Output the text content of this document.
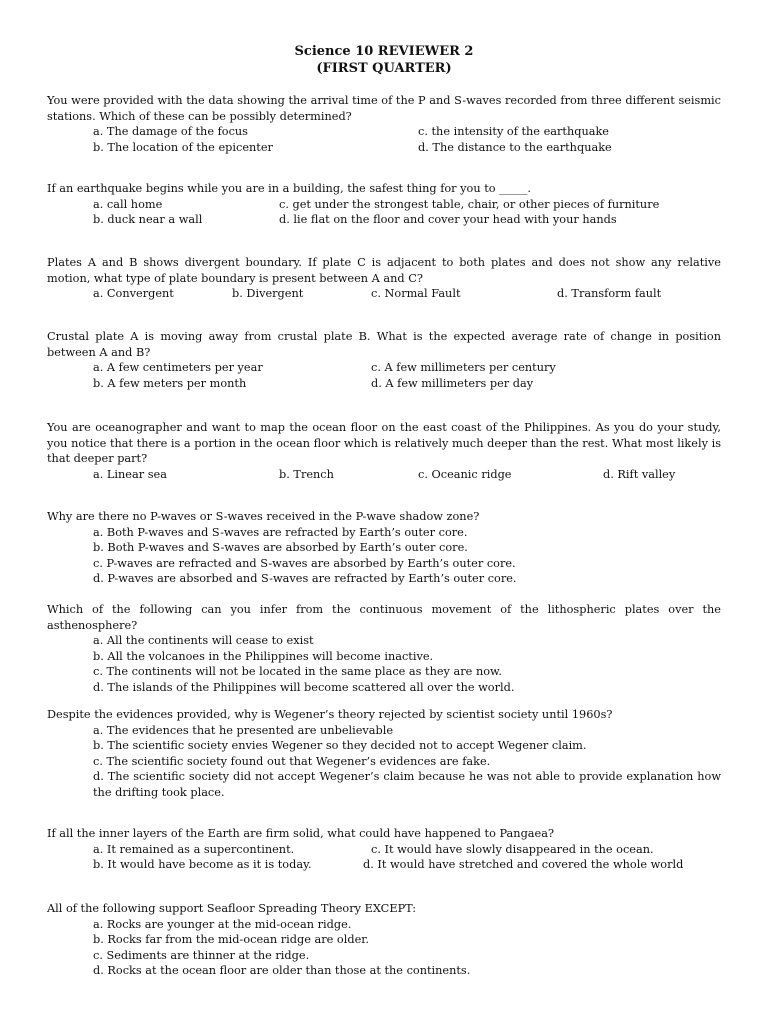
Science 10 REVIEWER 2
(FIRST QUARTER)
You were provided with the data showing the arrival time of the P and S-waves recorded from three different seismic stations. Which of these can be possibly determined?
a. The damage of the focus	c. the intensity of the earthquake
b. The location of the epicenter	d. The distance to the earthquake
If an earthquake begins while you are in a building, the safest thing for you to _____.
a. call home	c. get under the strongest table, chair, or other pieces of furniture
b. duck near a wall	d. lie flat on the floor and cover your head with your hands
Plates A and B shows divergent boundary. If plate C is adjacent to both plates and does not show any relative motion, what type of plate boundary is present between A and C?
a. Convergent	b. Divergent	c. Normal Fault	d. Transform fault
Crustal plate A is moving away from crustal plate B. What is the expected average rate of change in position between A and B?
a. A few centimeters per year	c. A few millimeters per century
b. A few meters per month	d. A few millimeters per day
You are oceanographer and want to map the ocean floor on the east coast of the Philippines. As you do your study, you notice that there is a portion in the ocean floor which is relatively much deeper than the rest. What most likely is that deeper part?
a. Linear sea	b. Trench	c. Oceanic ridge	d. Rift valley
Why are there no P-waves or S-waves received in the P-wave shadow zone?
a. Both P-waves and S-waves are refracted by Earth’s outer core.
b. Both P-waves and S-waves are absorbed by Earth’s outer core.
c. P-waves are refracted and S-waves are absorbed by Earth’s outer core.
d. P-waves are absorbed and S-waves are refracted by Earth’s outer core.
Which of the following can you infer from the continuous movement of the lithospheric plates over the asthenosphere?
a. All the continents will cease to exist
b. All the volcanoes in the Philippines will become inactive.
c. The continents will not be located in the same place as they are now.
d. The islands of the Philippines will become scattered all over the world.
Despite the evidences provided, why is Wegener’s theory rejected by scientist society until 1960s?
a. The evidences that he presented are unbelievable
b. The scientific society envies Wegener so they decided not to accept Wegener claim.
c. The scientific society found out that Wegener’s evidences are fake.
d. The scientific society did not accept Wegener’s claim because he was not able to provide explanation how the drifting took place.
If all the inner layers of the Earth are firm solid, what could have happened to Pangaea?
a. It remained as a supercontinent.	c. It would have slowly disappeared in the ocean.
b. It would have become as it is today.	d. It would have stretched and covered the whole world
All of the following support Seafloor Spreading Theory EXCEPT:
a. Rocks are younger at the mid-ocean ridge.
b. Rocks far from the mid-ocean ridge are older.
c. Sediments are thinner at the ridge.
d. Rocks at the ocean floor are older than those at the continents.
